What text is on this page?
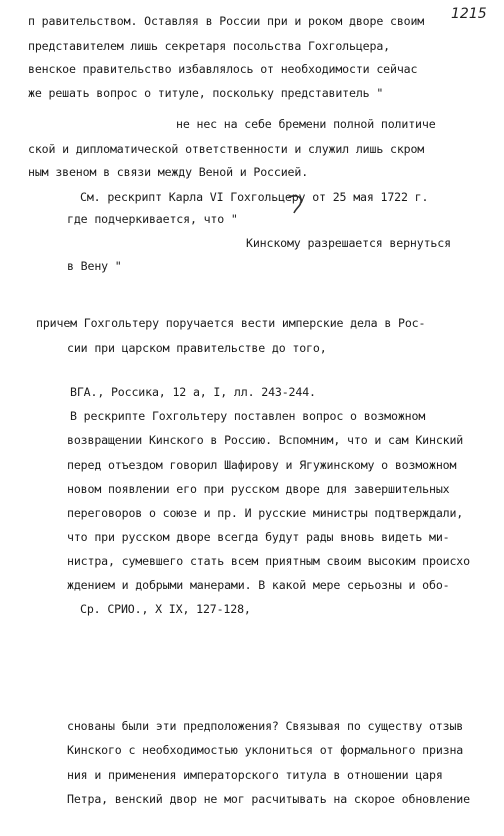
1215
п равительством. Оставляя в России при и роком дворе своим
представителем лишь секретаря посольства Гохгольцера,
венское правительство избавлялось от необходимости сейчас
же решать вопрос о титуле, поскольку представитель "
не нес на себе бремени полной политиче
ской и дипломатической ответственности и служил лишь скром
ным звеном в связи между Веной и Россией.
См. рескрипт Карла VI Гохгольцеру от 25 мая 1722 г.
где подчеркивается, что "
Кинскому разрешается вернуться
в Вену "
причем Гохгольтеру поручается вести имперские дела в Рос-
сии при царском правительстве до того,
ВГА., Россика, 12 а, I, лл. 243-244.
В рескрипте Гохгольтеру поставлен вопрос о возможном
возвращении Кинского в Россию. Вспомним, что и сам Кинский
перед отъездом говорил Шафирову и Ягужинскому о возможном
новом появлении его при русском дворе для завершительных
переговоров о союзе и пр. И русские министры подтверждали,
что при русском дворе всегда будут рады вновь видеть ми-
нистра, сумевшего стать всем приятным своим высоким происхо
ждением и добрыми манерами. В какой мере серьозны и обо-
Ср. СРИО., X IX, 127-128,
снованы были эти предположения? Связывая по существу отзыв
Кинского с необходимостью уклониться от формального призна
ния и применения императорского титула в отношении царя
Петра, венский двор не мог расчитывать на скорое обновление
